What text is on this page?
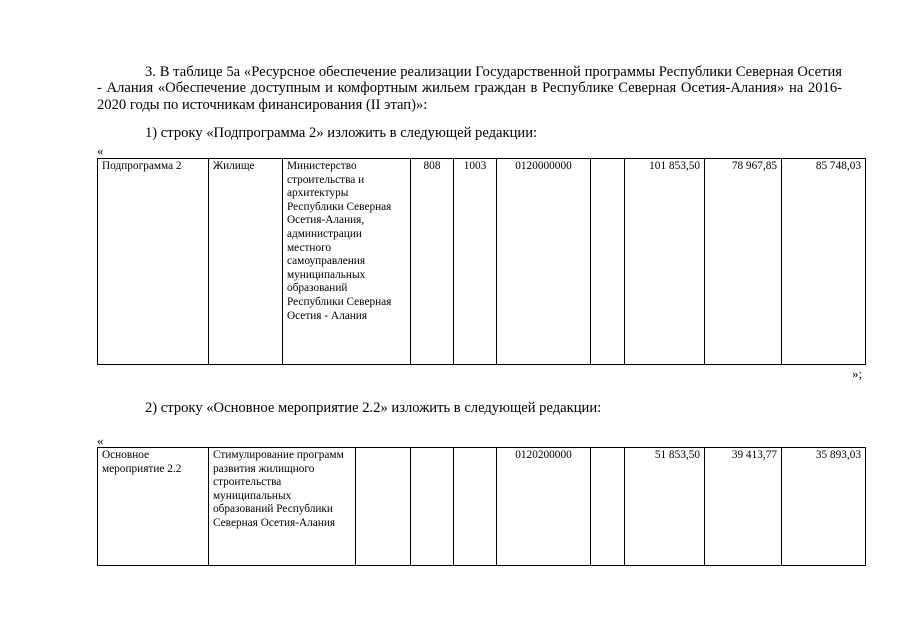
3. В таблице 5а «Ресурсное обеспечение реализации Государственной программы Республики Северная Осетия - Алания «Обеспечение доступным и комфортным жильем граждан в Республике Северная Осетия-Алания» на 2016-2020 годы по источникам финансирования (II этап)»:
1) строку «Подпрограмма 2» изложить в следующей редакции:
«
Подпрограмма 2	Жилище	Министерство строительства и архитектуры Республики Северная Осетия-Алания, администрации местного самоуправления муниципальных образований Республики Северная Осетия - Алания	808	1003	0120000000		101 853,50	78 967,85	85 748,03
»;
2) строку «Основное мероприятие 2.2» изложить в следующей редакции:
«
Основное мероприятие 2.2	Стимулирование программ развития жилищного строительства муниципальных образований Республики Северная Осетия-Алания				0120200000		51 853,50	39 413,77	35 893,03
